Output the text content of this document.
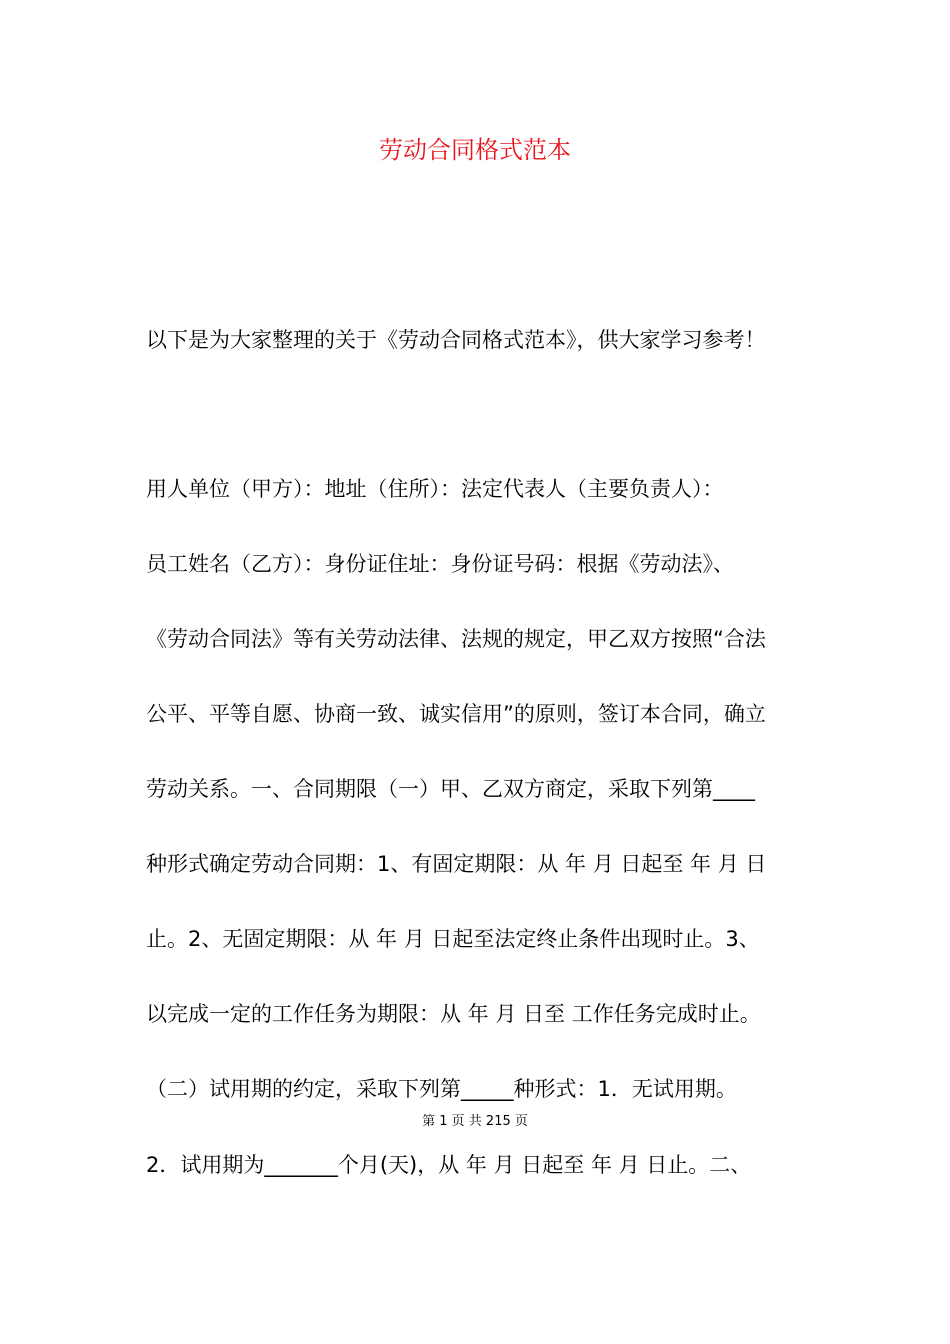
劳动合同格式范本

以下是为大家整理的关于《劳动合同格式范本》，供大家学习参考！

用人单位（甲方）：地址（住所）：法定代表人（主要负责人）：

员工姓名（乙方）：身份证住址：身份证号码：根据《劳动法》、

《劳动合同法》等有关劳动法律、法规的规定，甲乙双方按照“合法

公平、平等自愿、协商一致、诚实信用”的原则，签订本合同，确立

劳动关系。一、合同期限（一）甲、乙双方商定，采取下列第____

种形式确定劳动合同期：1、有固定期限：从 年 月 日起至 年 月 日

止。2、无固定期限：从 年 月 日起至法定终止条件出现时止。3、

以完成一定的工作任务为期限：从 年 月 日至 工作任务完成时止。

（二）试用期的约定，采取下列第_____种形式：1．无试用期。

第 1 页 共 215 页

2．试用期为_______个月(天)，从 年 月 日起至 年 月 日止。二、
